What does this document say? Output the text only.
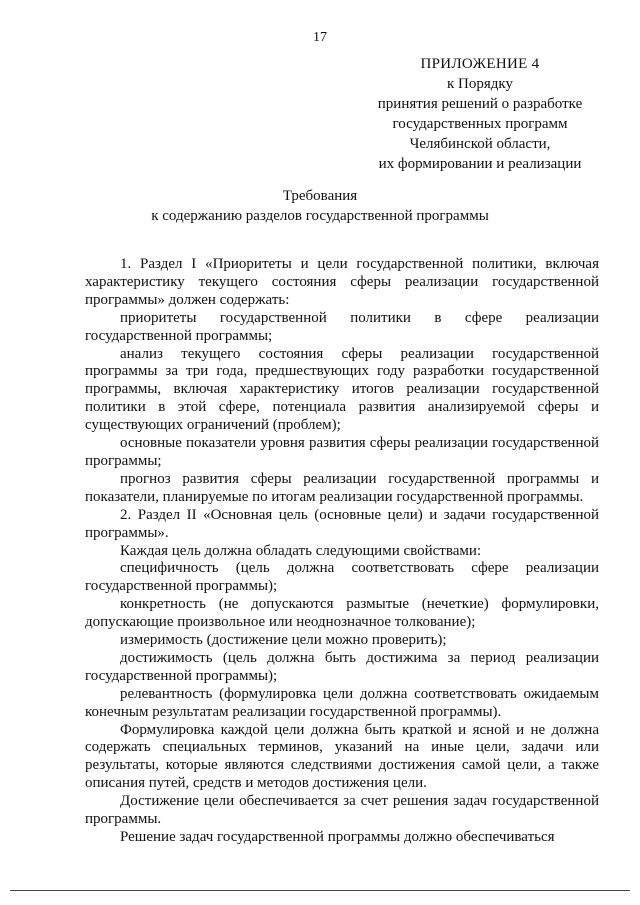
17
ПРИЛОЖЕНИЕ 4
к Порядку
принятия решений о разработке
государственных программ
Челябинской области,
их формировании и реализации
Требования
к содержанию разделов государственной программы

1. Раздел I «Приоритеты и цели государственной политики, включая характеристику текущего состояния сферы реализации государственной программы» должен содержать:

приоритеты государственной политики в сфере реализации государственной программы;

анализ текущего состояния сферы реализации государственной программы за три года, предшествующих году разработки государственной программы, включая характеристику итогов реализации государственной политики в этой сфере, потенциала развития анализируемой сферы и существующих ограничений (проблем);

основные показатели уровня развития сферы реализации государственной программы;

прогноз развития сферы реализации государственной программы и показатели, планируемые по итогам реализации государственной программы.

2. Раздел II «Основная цель (основные цели) и задачи государственной программы».

Каждая цель должна обладать следующими свойствами:

специфичность (цель должна соответствовать сфере реализации государственной программы);

конкретность (не допускаются размытые (нечеткие) формулировки, допускающие произвольное или неоднозначное толкование);

измеримость (достижение цели можно проверить);

достижимость (цель должна быть достижима за период реализации государственной программы);

релевантность (формулировка цели должна соответствовать ожидаемым конечным результатам реализации государственной программы).

Формулировка каждой цели должна быть краткой и ясной и не должна содержать специальных терминов, указаний на иные цели, задачи или результаты, которые являются следствиями достижения самой цели, а также описания путей, средств и методов достижения цели.

Достижение цели обеспечивается за счет решения задач государственной программы.

Решение задач государственной программы должно обеспечиваться
